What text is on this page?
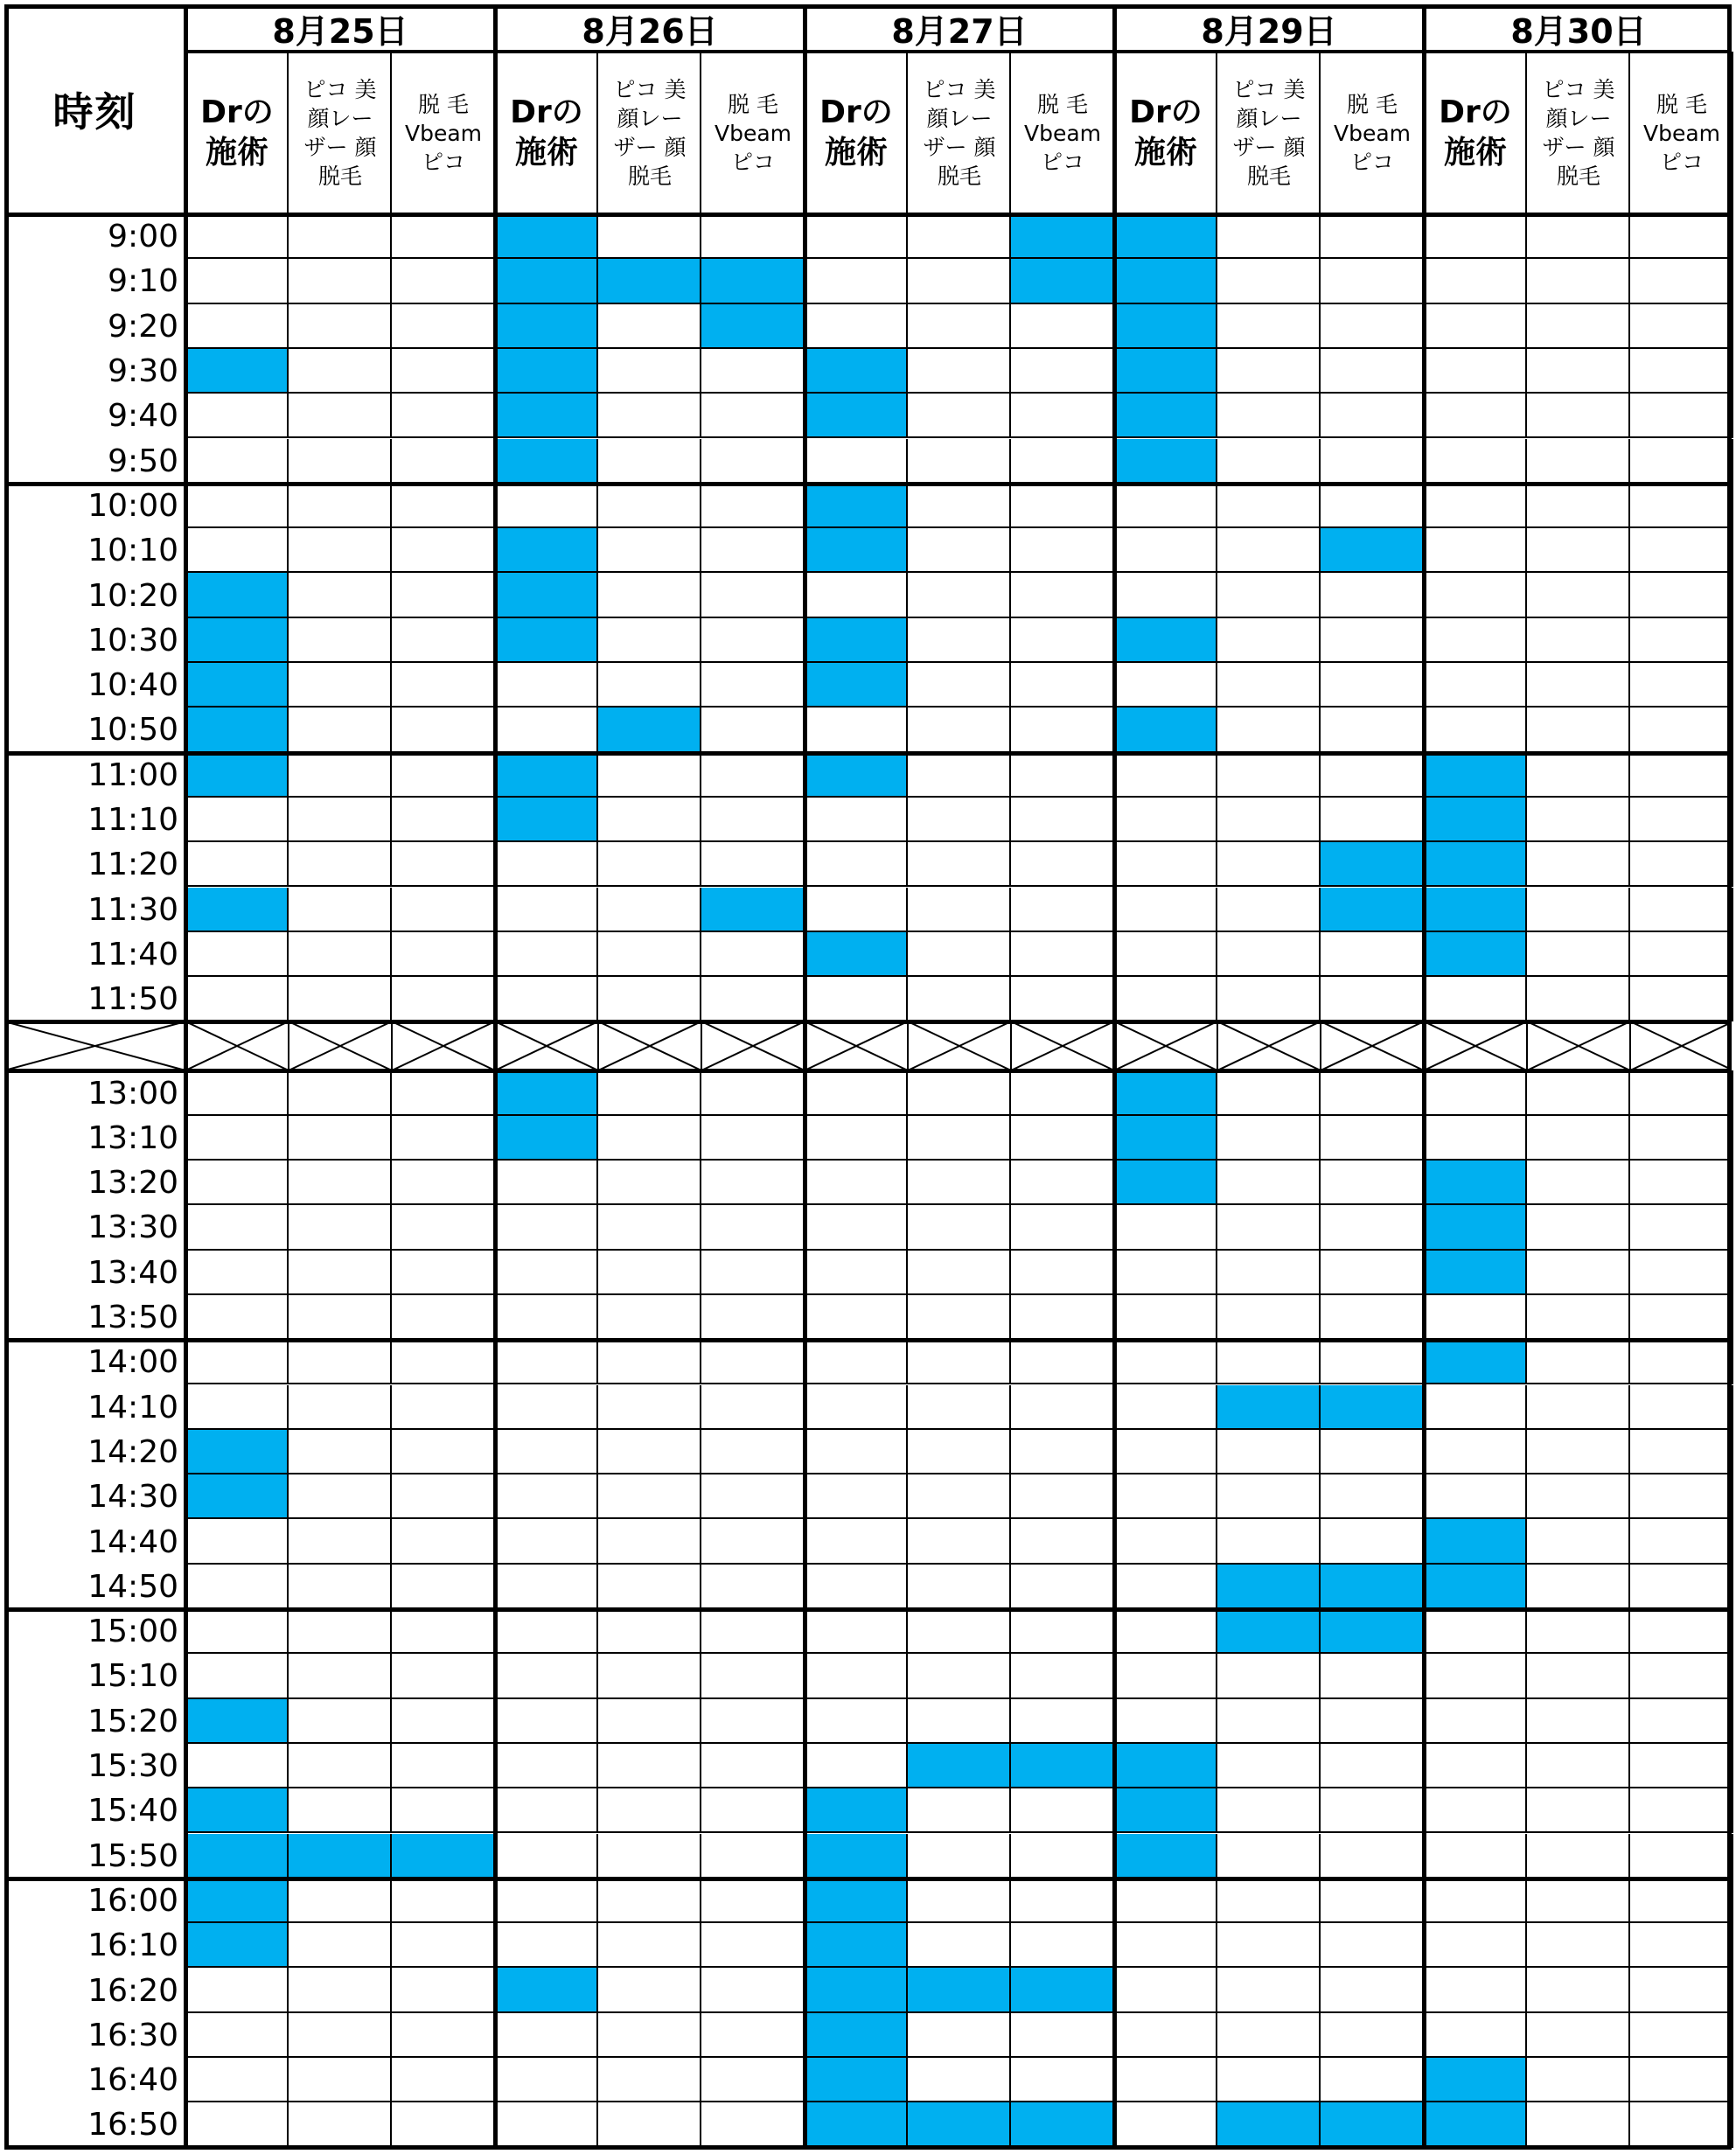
時刻
8月25日
Drの
施術
ピコ 美
顔レー
ザー 顔
脱毛
脱 毛
Vbeam
ピコ
8月26日
Drの
施術
ピコ 美
顔レー
ザー 顔
脱毛
脱 毛
Vbeam
ピコ
8月27日
Drの
施術
ピコ 美
顔レー
ザー 顔
脱毛
脱 毛
Vbeam
ピコ
8月29日
Drの
施術
ピコ 美
顔レー
ザー 顔
脱毛
脱 毛
Vbeam
ピコ
8月30日
Drの
施術
ピコ 美
顔レー
ザー 顔
脱毛
脱 毛
Vbeam
ピコ
9:00
9:10
9:20
9:30
9:40
9:50
10:00
10:10
10:20
10:30
10:40
10:50
11:00
11:10
11:20
11:30
11:40
11:50
13:00
13:10
13:20
13:30
13:40
13:50
14:00
14:10
14:20
14:30
14:40
14:50
15:00
15:10
15:20
15:30
15:40
15:50
16:00
16:10
16:20
16:30
16:40
16:50
